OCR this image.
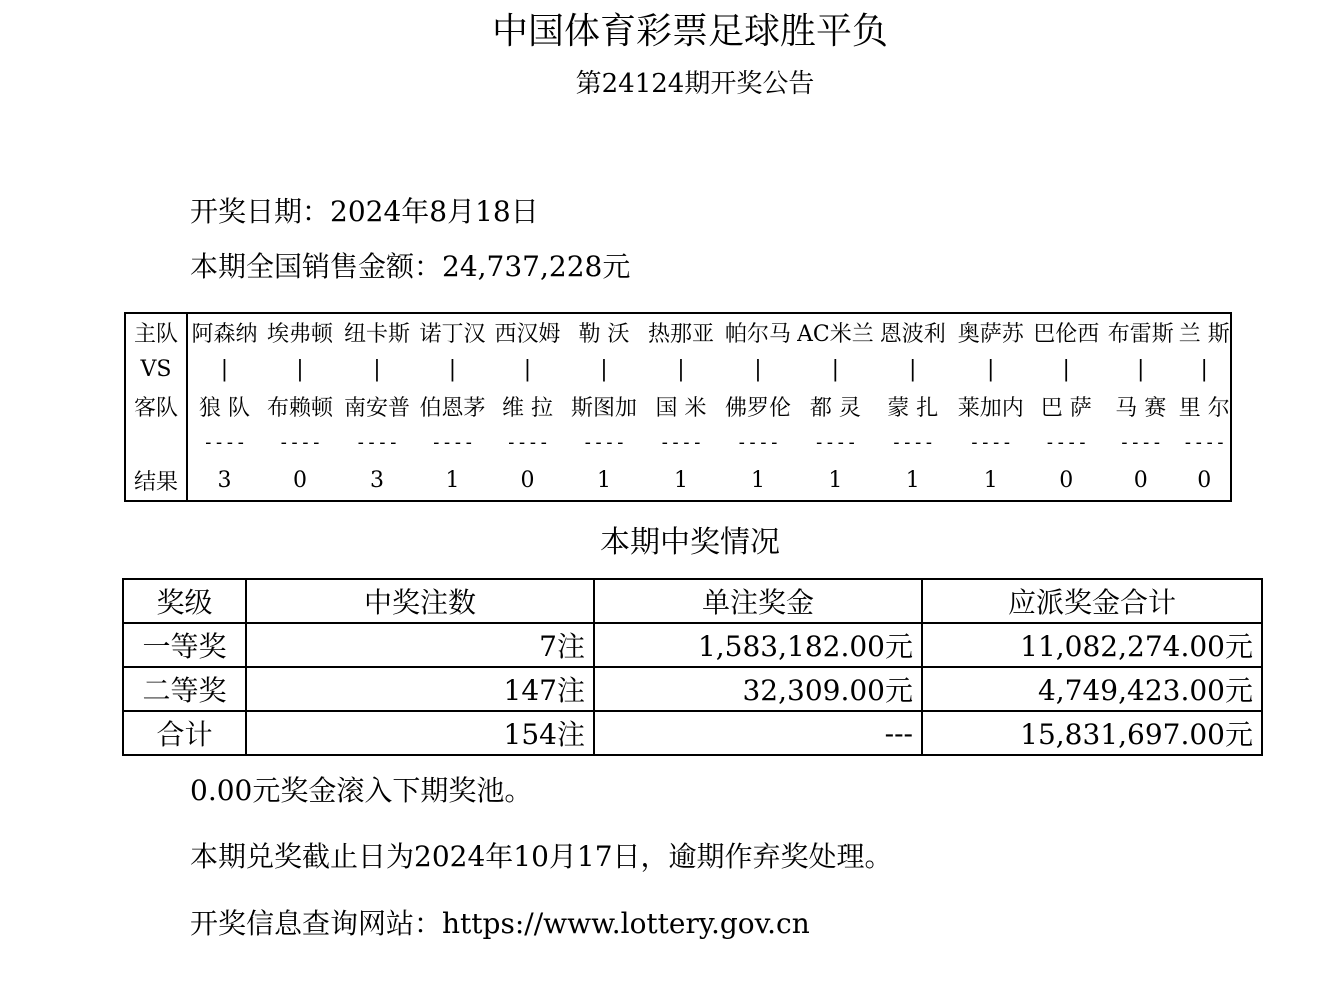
中国体育彩票足球胜平负
第24124期开奖公告
开奖日期：2024年8月18日
本期全国销售金额：24,737,228元
主队	阿森纳	埃弗顿	纽卡斯	诺丁汉	西汉姆	勒 沃	热那亚	帕尔马	AC米兰	恩波利	奥萨苏	巴伦西	布雷斯	兰 斯
VS	|	|	|	|	|	|	|	|	|	|	|	|	|	|
客队	狼 队	布赖顿	南安普	伯恩茅	维 拉	斯图加	国 米	佛罗伦	都 灵	蒙 扎	莱加内	巴 萨	马 赛	里 尔
	----	----	----	----	----	----	----	----	----	----	----	----	----	----
结果	3	0	3	1	0	1	1	1	1	1	1	0	0	0
本期中奖情况
奖级	中奖注数	单注奖金	应派奖金合计
一等奖	7注	1,583,182.00元	11,082,274.00元
二等奖	147注	32,309.00元	4,749,423.00元
合计	154注	---	15,831,697.00元
0.00元奖金滚入下期奖池。
本期兑奖截止日为2024年10月17日，逾期作弃奖处理。
开奖信息查询网站：https://www.lottery.gov.cn
